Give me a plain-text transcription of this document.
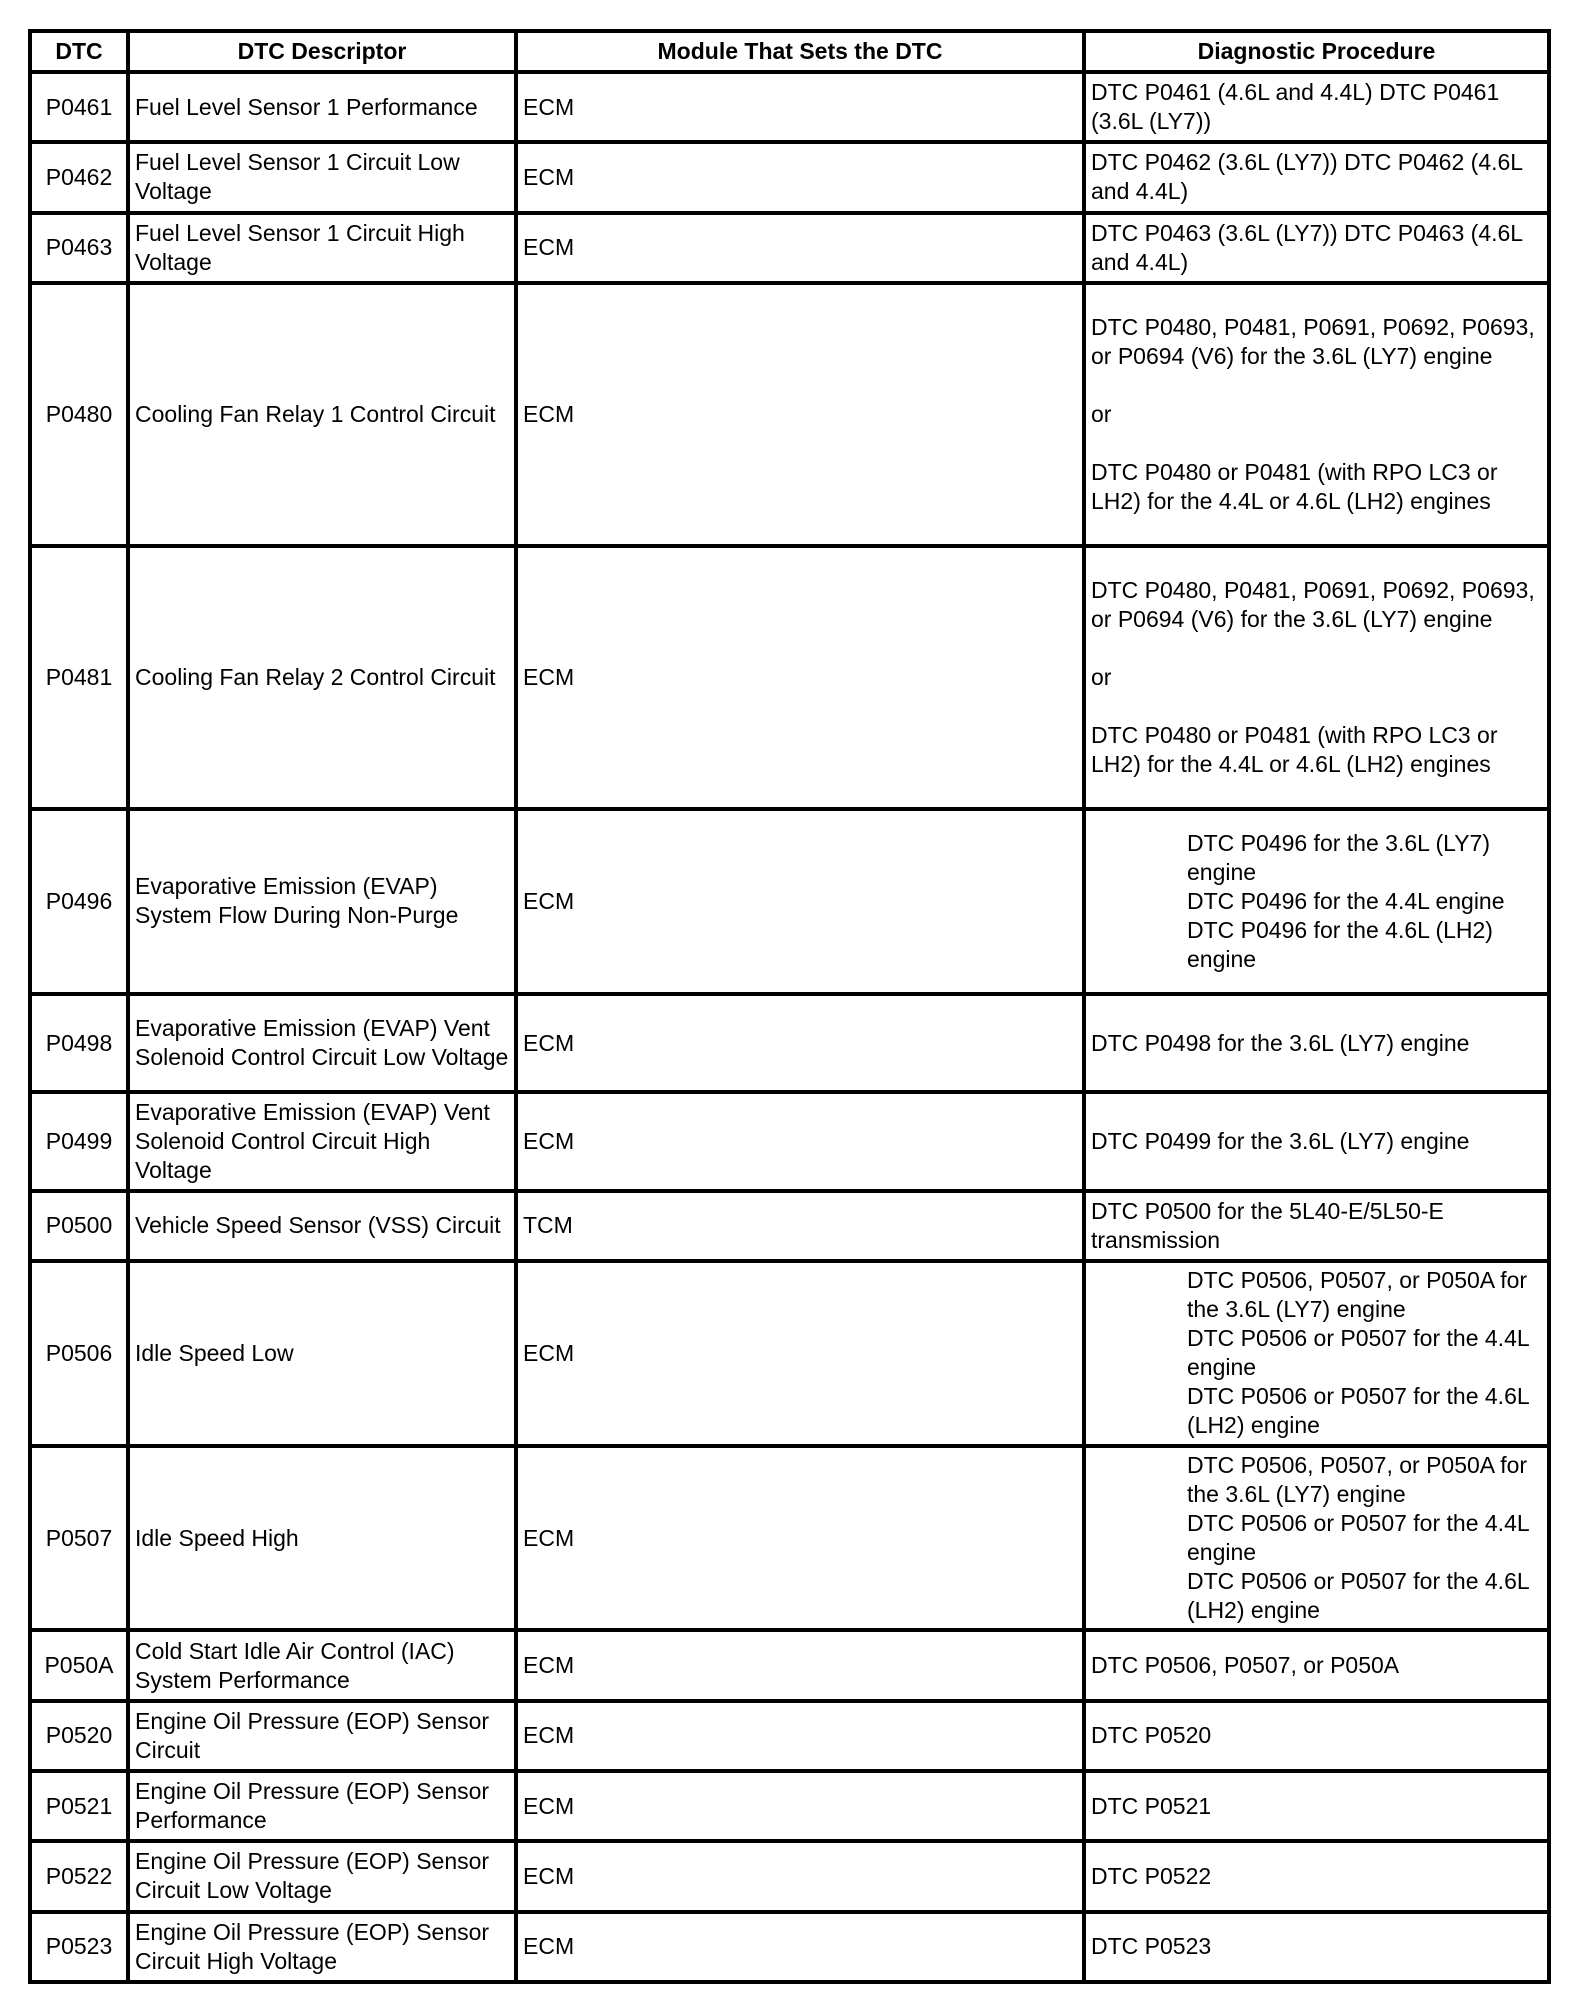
DTC	DTC Descriptor	Module That Sets the DTC	Diagnostic Procedure
P0461	Fuel Level Sensor 1 Performance	ECM	DTC P0461 (4.6L and 4.4L) DTC P0461 (3.6L (LY7))

P0462	Fuel Level Sensor 1 Circuit Low Voltage	ECM	DTC P0462 (3.6L (LY7)) DTC P0462 (4.6L and 4.4L)

P0463	Fuel Level Sensor 1 Circuit High Voltage	ECM	DTC P0463 (3.6L (LY7)) DTC P0463 (4.6L and 4.4L)

P0480	Cooling Fan Relay 1 Control Circuit	ECM	DTC P0480, P0481, P0691, P0692, P0693, or P0694 (V6) for the 3.6L (LY7) engine
or
DTC P0480 or P0481 (with RPO LC3 or LH2) for the 4.4L or 4.6L (LH2) engines

P0481	Cooling Fan Relay 2 Control Circuit	ECM	DTC P0480, P0481, P0691, P0692, P0693, or P0694 (V6) for the 3.6L (LY7) engine
or
DTC P0480 or P0481 (with RPO LC3 or LH2) for the 4.4L or 4.6L (LH2) engines

P0496	Evaporative Emission (EVAP) System Flow During Non-Purge	ECM	DTC P0496 for the 3.6L (LY7) engine
DTC P0496 for the 4.4L engine
DTC P0496 for the 4.6L (LH2) engine

P0498	Evaporative Emission (EVAP) Vent Solenoid Control Circuit Low Voltage	ECM	DTC P0498 for the 3.6L (LY7) engine

P0499	Evaporative Emission (EVAP) Vent Solenoid Control Circuit High Voltage	ECM	DTC P0499 for the 3.6L (LY7) engine

P0500	Vehicle Speed Sensor (VSS) Circuit	TCM	DTC P0500 for the 5L40-E/5L50-E transmission

P0506	Idle Speed Low	ECM	DTC P0506, P0507, or P050A for the 3.6L (LY7) engine
DTC P0506 or P0507 for the 4.4L engine
DTC P0506 or P0507 for the 4.6L (LH2) engine

P0507	Idle Speed High	ECM	DTC P0506, P0507, or P050A for the 3.6L (LY7) engine
DTC P0506 or P0507 for the 4.4L engine
DTC P0506 or P0507 for the 4.6L (LH2) engine

P050A	Cold Start Idle Air Control (IAC) System Performance	ECM	DTC P0506, P0507, or P050A

P0520	Engine Oil Pressure (EOP) Sensor Circuit	ECM	DTC P0520

P0521	Engine Oil Pressure (EOP) Sensor Performance	ECM	DTC P0521

P0522	Engine Oil Pressure (EOP) Sensor Circuit Low Voltage	ECM	DTC P0522

P0523	Engine Oil Pressure (EOP) Sensor Circuit High Voltage	ECM	DTC P0523
